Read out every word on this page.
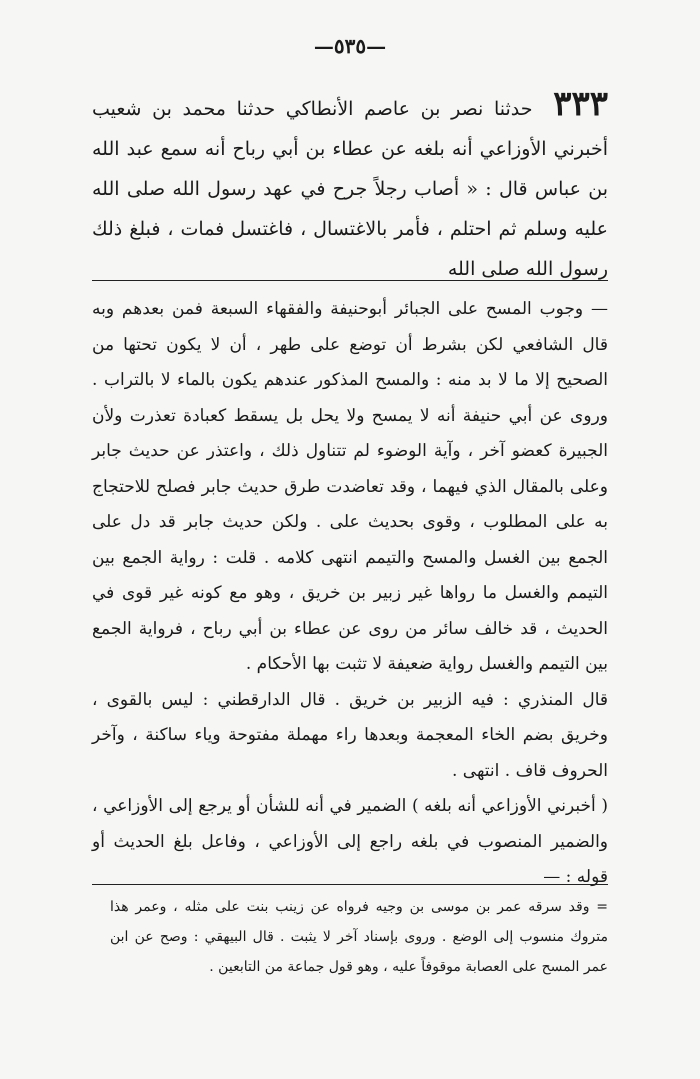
—٥٣٥—
٣٣٣ حدثنا نصر بن عاصم الأنطاكي حدثنا محمد بن شعيب أخبرني الأوزاعي أنه بلغه عن عطاء بن أبي رباح أنه سمع عبد الله بن عباس قال : « أصاب رجلاً جرح في عهد رسول الله صلى الله عليه وسلم ثم احتلم ، فأمر بالاغتسال ، فاغتسل فمات ، فبلغ ذلك رسول الله صلى الله

— وجوب المسح على الجبائر أبوحنيفة والفقهاء السبعة فمن بعدهم وبه قال الشافعي لكن بشرط أن توضع على طهر ، أن لا يكون تحتها من الصحيح إلا ما لا بد منه : والمسح المذكور عندهم يكون بالماء لا بالتراب . وروى عن أبي حنيفة أنه لا يمسح ولا يحل بل يسقط كعبادة تعذرت ولأن الجبيرة كعضو آخر ، وآية الوضوء لم تتناول ذلك ، واعتذر عن حديث جابر وعلى بالمقال الذي فيهما ، وقد تعاضدت طرق حديث جابر فصلح للاحتجاج به على المطلوب ، وقوى بحديث على . ولكن حديث جابر قد دل على الجمع بين الغسل والمسح والتيمم انتهى كلامه . قلت : رواية الجمع بين التيمم والغسل ما رواها غير زبير بن خريق ، وهو مع كونه غير قوى في الحديث ، قد خالف سائر من روى عن عطاء بن أبي رباح ، فرواية الجمع بين التيمم والغسل رواية ضعيفة لا تثبت بها الأحكام .

قال المنذري : فيه الزبير بن خريق . قال الدارقطني : ليس بالقوى ، وخريق بضم الخاء المعجمة وبعدها راء مهملة مفتوحة وياء ساكنة ، وآخر الحروف قاف . انتهى .

( أخبرني الأوزاعي أنه بلغه ) الضمير في أنه للشأن أو يرجع إلى الأوزاعي ، والضمير المنصوب في بلغه راجع إلى الأوزاعي ، وفاعل بلغ الحديث أو قوله : —

= وقد سرقه عمر بن موسى بن وجيه فرواه عن زينب بنت على مثله ، وعمر هذا متروك منسوب إلى الوضع . وروى بإسناد آخر لا يثبت . قال البيهقي : وصح عن ابن عمر المسح على العصابة موقوفاً عليه ، وهو قول جماعة من التابعين .
